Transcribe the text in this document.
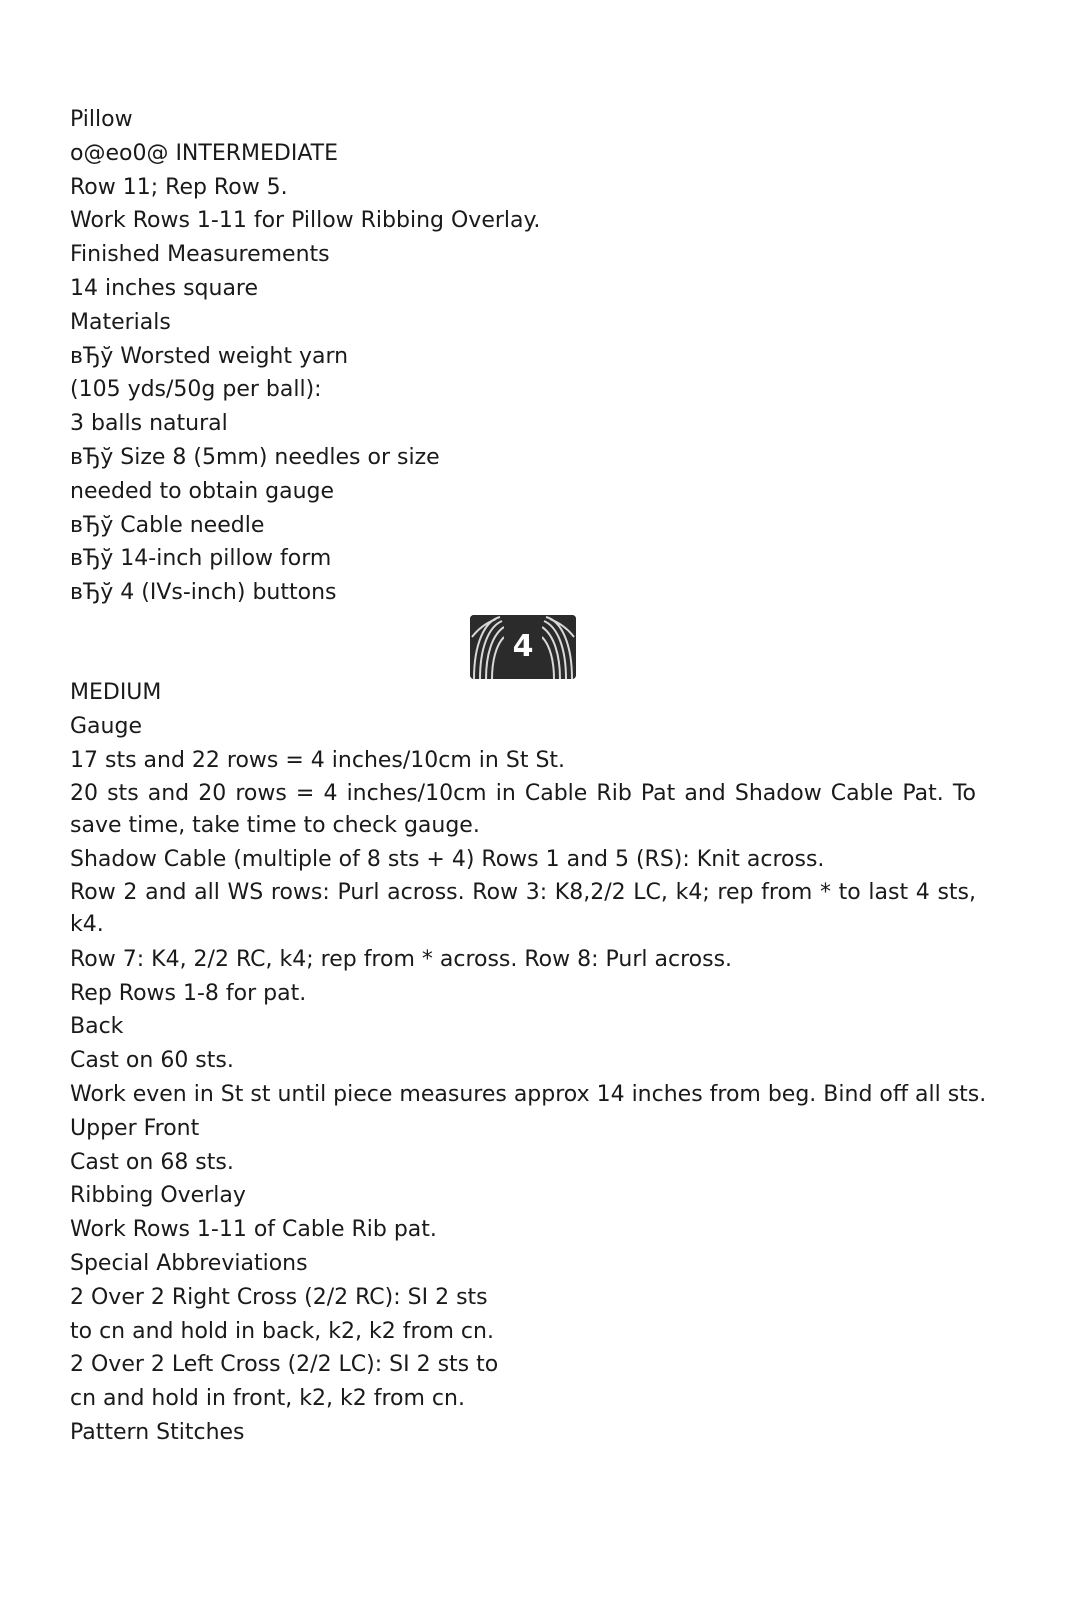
Pillow
o@eo0@ INTERMEDIATE
Row 11; Rep Row 5.
Work Rows 1-11 for Pillow Ribbing Overlay.
Finished Measurements
14 inches square
Materials
вЂў Worsted weight yarn
(105 yds/50g per ball):
3 balls natural
вЂў Size 8 (5mm) needles or size
needed to obtain gauge
вЂў Cable needle
вЂў 14-inch pillow form
вЂў 4 (IVs-inch) buttons
4
MEDIUM
Gauge
17 sts and 22 rows = 4 inches/10cm in St St.
20 sts and 20 rows = 4 inches/10cm in Cable Rib Pat and Shadow Cable Pat. To save time, take time to check gauge.
Shadow Cable (multiple of 8 sts + 4) Rows 1 and 5 (RS): Knit across.
Row 2 and all WS rows: Purl across. Row 3: K8,2/2 LC, k4; rep from * to last 4 sts, k4.
Row 7: K4, 2/2 RC, k4; rep from * across. Row 8: Purl across.
Rep Rows 1-8 for pat.
Back
Cast on 60 sts.
Work even in St st until piece measures approx 14 inches from beg. Bind off all sts.
Upper Front
Cast on 68 sts.
Ribbing Overlay
Work Rows 1-11 of Cable Rib pat.
Special Abbreviations
2 Over 2 Right Cross (2/2 RC): SI 2 sts
to cn and hold in back, k2, k2 from cn.
2 Over 2 Left Cross (2/2 LC): SI 2 sts to
cn and hold in front, k2, k2 from cn.
Pattern Stitches
